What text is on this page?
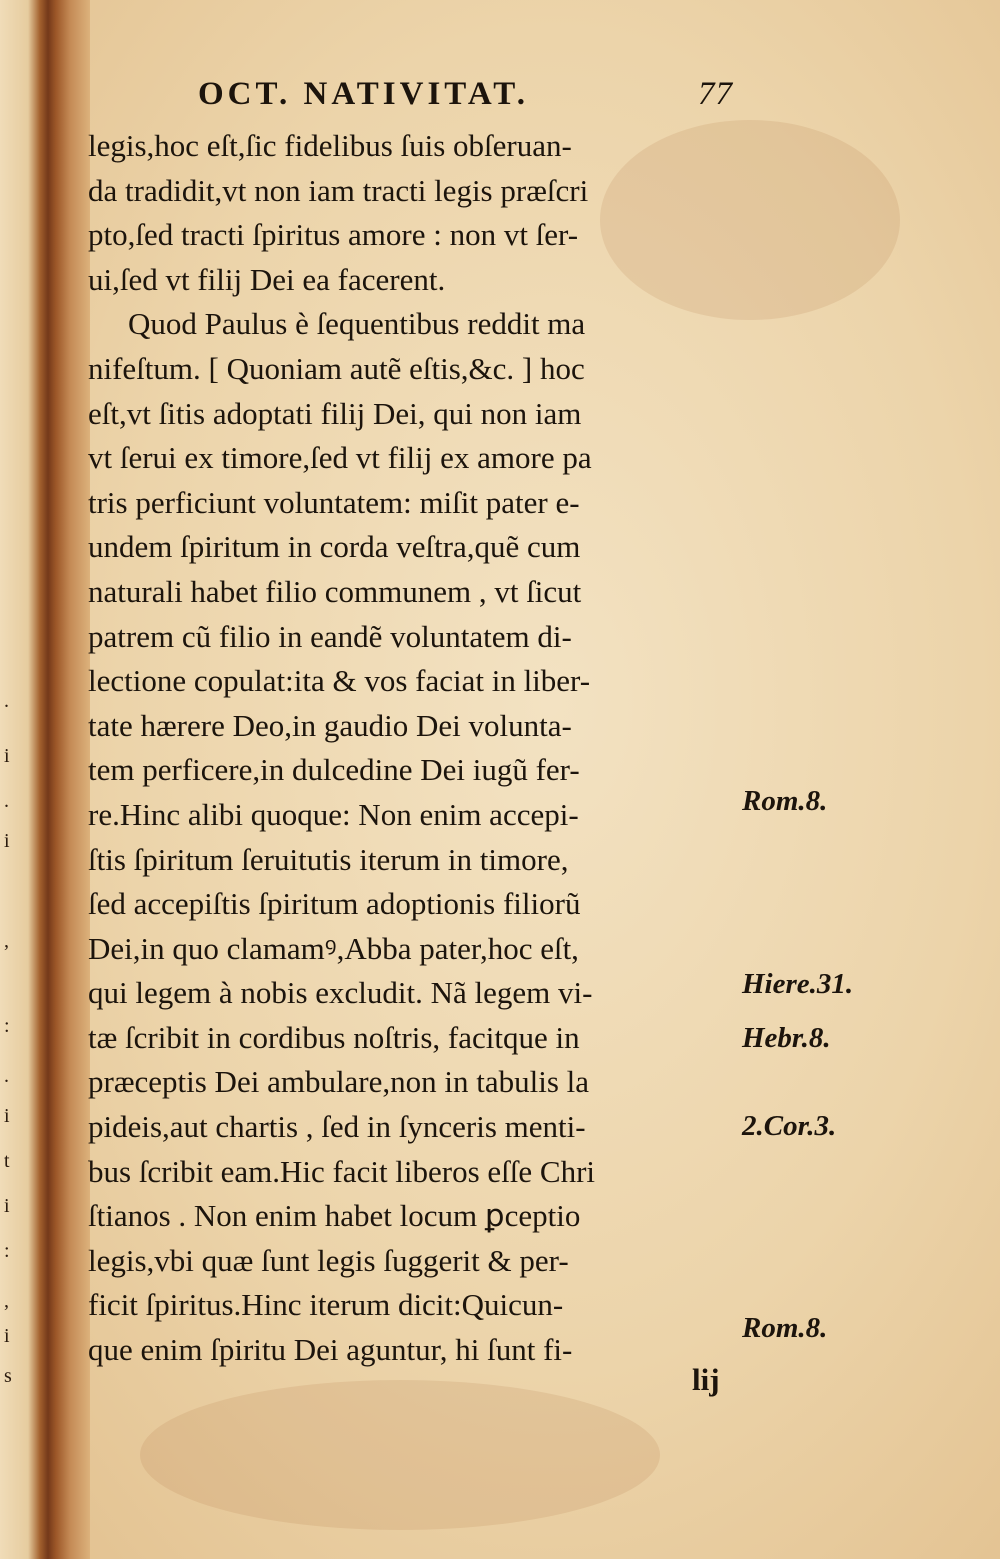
.
i
.
i
,
:
.
i
t
i
:
,
i
s
OCT. NATIVITAT.	77
legis,hoc eſt,ſic fidelibus ſuis obſeruan-
da tradidit,vt non iam tracti legis præſcri
pto,ſed tracti ſpiritus amore : non vt ſer-
ui,ſed vt filij Dei ea facerent.
Quod Paulus è ſequentibus reddit ma
nifeſtum. [ Quoniam autẽ eſtis,&c. ] hoc
eſt,vt ſitis adoptati filij Dei, qui non iam
vt ſerui ex timore,ſed vt filij ex amore pa
tris perficiunt voluntatem: miſit pater e-
undem ſpiritum in corda veſtra,quẽ cum
naturali habet filio communem , vt ſicut
patrem cũ filio in eandẽ voluntatem di-
lectione copulat:ita & vos faciat in liber-
tate hærere Deo,in gaudio Dei volunta-
tem perficere,in dulcedine Dei iugũ fer-
re.Hinc alibi quoque: Non enim accepi-
ſtis ſpiritum ſeruitutis iterum in timore,
ſed accepiſtis ſpiritum adoptionis filiorũ
Dei,in quo clamamꝰ,Abba pater,hoc eſt,
qui legem à nobis excludit. Nã legem vi-
tæ ſcribit in cordibus noſtris, facitque in
præceptis Dei ambulare,non in tabulis la
pideis,aut chartis , ſed in ſynceris menti-
bus ſcribit eam.Hic facit liberos eſſe Chri
ſtianos . Non enim habet locum ꝑceptio
legis,vbi quæ ſunt legis ſuggerit & per-
ficit ſpiritus.Hinc iterum dicit:Quicun-
que enim ſpiritu Dei aguntur, hi ſunt fi-
Rom.8.
Hiere.31.
Hebr.8.
2.Cor.3.
Rom.8.
lij
